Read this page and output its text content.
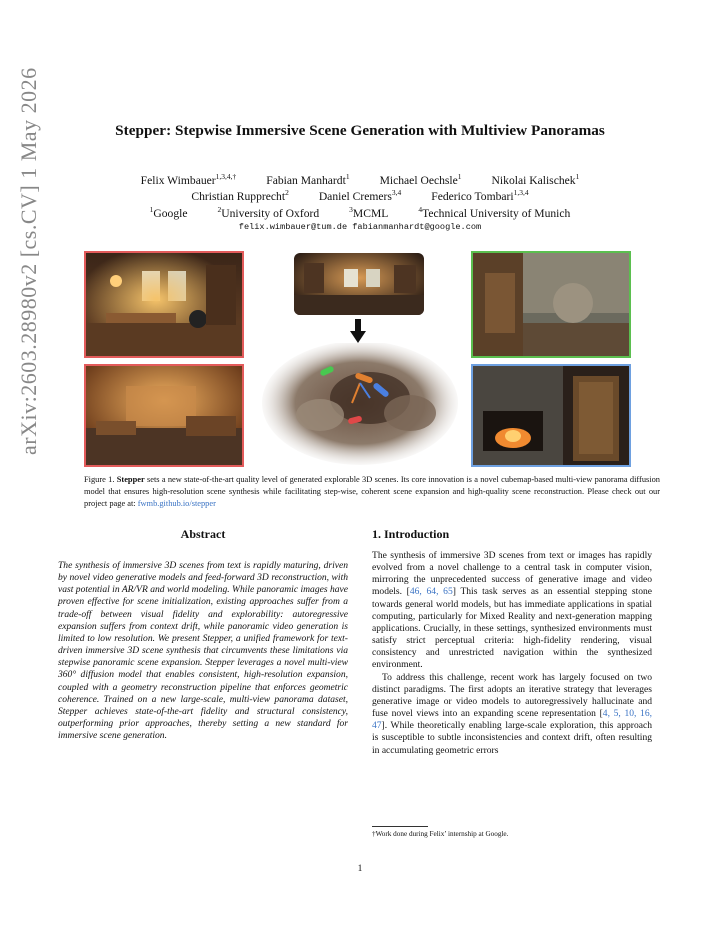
arXiv:2603.28980v2 [cs.CV] 1 May 2026	Stepper: Stepwise Immersive Scene Generation with Multiview Panoramas
Felix Wimbauer$^{1,3,4,\dagger}$	Fabian Manhardt$^1$	Michael Oechsle$^1$	Nikolai Kalischek$^1$
Christian Rupprecht$^2$	Daniel Cremers$^{3,4}$	Federico Tombari$^{1,3,4}$
$^1$Google	$^2$University of Oxford	$^3$MCML	$^4$Technical University of Munich
felix.wimbauer@tum.de fabianmanhardt@google.com
Figure 1. Stepper sets a new state-of-the-art quality level of generated explorable 3D scenes. Its core innovation is a novel cubemap-based multi-view panorama diffusion model that ensures high-resolution scene synthesis while facilitating step-wise, coherent scene expansion and high-quality scene reconstruction. Please check out our project page at: fwmb.github.io/stepper
Abstract
The synthesis of immersive 3D scenes from text is rapidly maturing, driven by novel video generative models and feed-forward 3D reconstruction, with vast potential in AR/VR and world modeling. While panoramic images have proven effective for scene initialization, existing approaches suffer from a trade-off between visual fidelity and explorability: autoregressive expansion suffers from context drift, while panoramic video generation is limited to low resolution. We present Stepper, a unified framework for text-driven immersive 3D scene synthesis that circumvents these limitations via stepwise panoramic scene expansion. Stepper leverages a novel multi-view 360° diffusion model that enables consistent, high-resolution expansion, coupled with a geometry reconstruction pipeline that enforces geometric coherence. Trained on a new large-scale, multi-view panorama dataset, Stepper achieves state-of-the-art fidelity and structural consistency, outperforming prior approaches, thereby setting a new standard for immersive scene generation.
1. Introduction

The synthesis of immersive 3D scenes from text or images has rapidly evolved from a novel challenge to a central task in computer vision, mirroring the unprecedented success of generative image and video models. [46, 64, 65] This task serves as an essential stepping stone towards general world models, but has immediate applications in spatial computing, particularly for Mixed Reality and next-generation mapping applications. Crucially, in these settings, synthesized environments must satisfy strict perceptual criteria: high-fidelity rendering, visual consistency and unrestricted navigation within the synthesized environment.

To address this challenge, recent work has largely focused on two distinct paradigms. The first adopts an iterative strategy that leverages generative image or video models to autoregressively hallucinate and fuse novel views into an expanding scene representation [4, 5, 10, 16, 47]. While theoretically enabling large-scale exploration, this approach is susceptible to subtle inconsistencies and context drift, often resulting in accumulating geometric errors

†Work done during Felix’ internship at Google.
1
